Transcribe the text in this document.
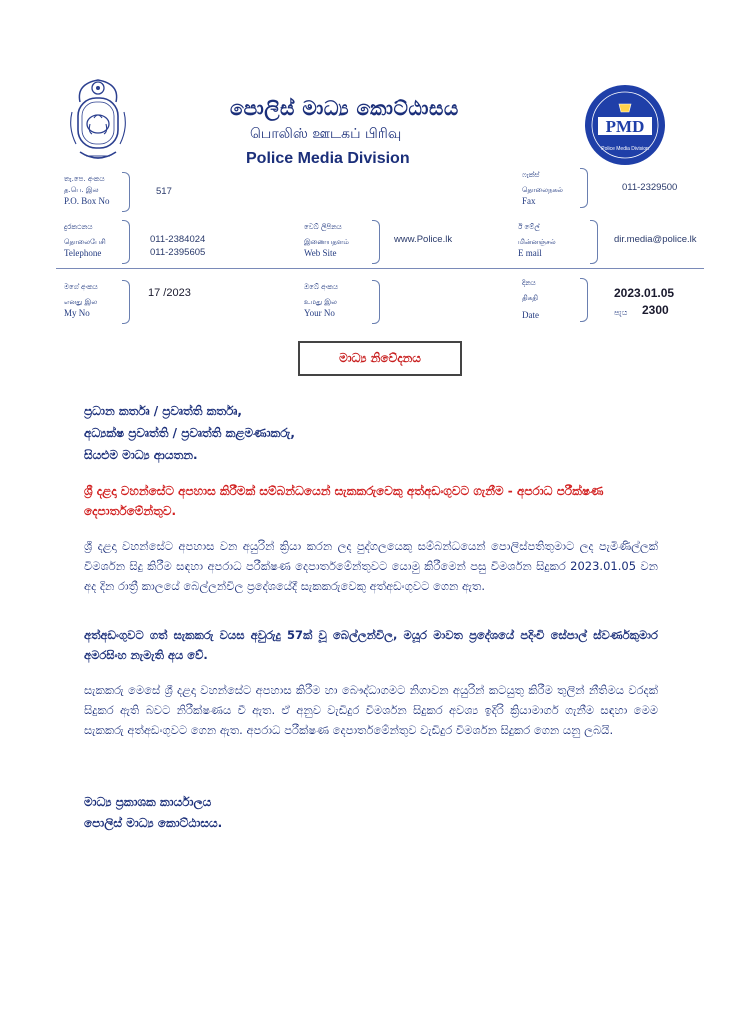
පොලිස් මාධ්‍ය කොට්ඨාසය
பொலிஸ் ஊடகப் பிரிவு
Police Media Division
PMD
Police Media Division
තැ.පෙ. අංකය
த.பெ. இல
P.O. Box No
517
ෆැක්ස්
தொலைநகல்
Fax
011-2329500
දුරකථනය
தொலைபேசி
Telephone
011-2384024
011-2395605
වෙබ් ලිපිනය
இணையதளம்
Web Site
www.Police.lk
ඊ මේල්
மின்னஞ்சல்
E mail
dir.media@police.lk
මගේ අංකය
எனது இல
My No
17 /2023	ඔබේ අංකය
உமது இல
Your No
දිනය
திகதி
Date
2023.01.05
පැය 2300
මාධ්‍ය නිවේදනය
ප්‍රධාන කර්තෘ / ප්‍රවෘත්ති කර්තෘ,
අධ්‍යක්ෂ ප්‍රවෘත්ති / ප්‍රවෘත්ති කළමණාකරු,
සියළුම මාධ්‍ය ආයතන.
ශ්‍රී දළදා වහන්සේට අපහාස කිරීමක් සම්බන්ධයෙන් සැකකරුවෙකු අත්අඩංගුවට ගැනීම - අපරාධ පරීක්ෂණ දෙපාර්තමේන්තුව.
ශ්‍රී දළදා වහන්සේට අපහාස වන අයුරින් ක්‍රියා කරන ලද පුද්ගලයෙකු සම්බන්ධයෙන් පොලිස්පතිතුමාට ලද පැමිණිල්ලක් විමර්ශන සිදු කිරීම සඳහා අපරාධ පරීක්ෂණ දෙපාර්තමේන්තුවට යොමු කිරීමෙන් පසු විමර්ශන සිදුකර 2023.01.05 වන අද දින රාත්‍රී කාලයේ බෙල්ලන්විල ප්‍රදේශයේදී සැකකරුවෙකු අත්අඩංගුවට ගෙන ඇත.
අත්අඩංගුවට ගත් සැකකරු වයස අවුරුදු 57ක් වූ බෙල්ලන්විල, මයූර මාවත ප්‍රදේශයේ පදිංචි සේපාල් ස්වර්ණකුමාර අමරසිංහ නැමැති අය වේ.
සැකකරු මෙසේ ශ්‍රී දළදා වහන්සේට අපහාස කිරීම හා බෞද්ධාගමට නිගාවන අයුරින් කටයුතු කිරීම තුලින් නීතිමය වරදක් සිදුකර ඇති බවට නිරීක්ෂණය වී ඇත. ඒ අනුව වැඩිදුර විමර්ශන සිදුකර අවශ්‍ය ඉදිරි ක්‍රියාමාර්ග ගැනීම සඳහා මෙම සැකකරු අත්අඩංගුවට ගෙන ඇත. අපරාධ පරීක්ෂණ දෙපාර්තමේන්තුව වැඩිදුර විමර්ශන සිදුකර ගෙන යනු ලබයි.
මාධ්‍ය ප්‍රකාශක කාර්යාලය
පොලිස් මාධ්‍ය කොට්ඨාසය.
